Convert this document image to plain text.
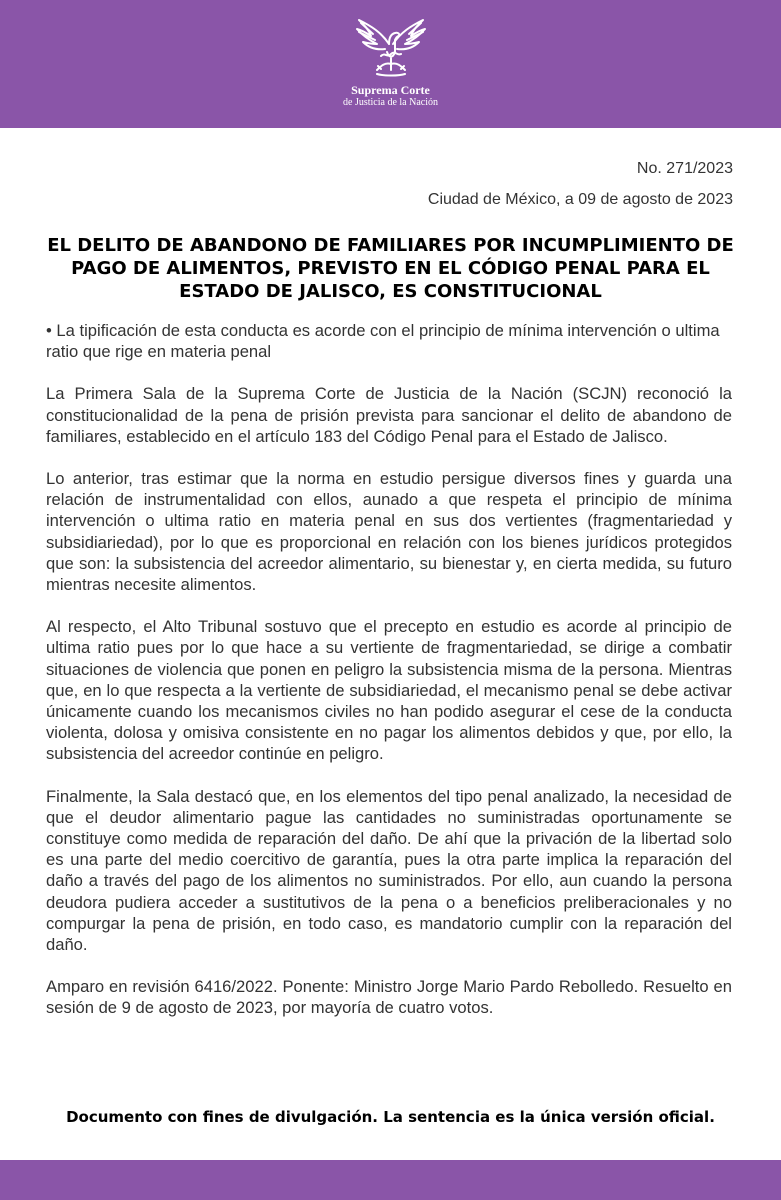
Suprema Corte
de Justicia de la Nación
No. 271/2023
Ciudad de México, a 09 de agosto de 2023
EL DELITO DE ABANDONO DE FAMILIARES POR INCUMPLIMIENTO DE PAGO DE ALIMENTOS, PREVISTO EN EL CÓDIGO PENAL PARA EL ESTADO DE JALISCO, ES CONSTITUCIONAL

• La tipificación de esta conducta es acorde con el principio de mínima intervención o ultima ratio que rige en materia penal

La Primera Sala de la Suprema Corte de Justicia de la Nación (SCJN) reconoció la constitucionalidad de la pena de prisión prevista para sancionar el delito de abandono de familiares, establecido en el artículo 183 del Código Penal para el Estado de Jalisco.

Lo anterior, tras estimar que la norma en estudio persigue diversos fines y guarda una relación de instrumentalidad con ellos, aunado a que respeta el principio de mínima intervención o ultima ratio en materia penal en sus dos vertientes (fragmentariedad y subsidiariedad), por lo que es proporcional en relación con los bienes jurídicos protegidos que son: la subsistencia del acreedor alimentario, su bienestar y, en cierta medida, su futuro mientras necesite alimentos.

Al respecto, el Alto Tribunal sostuvo que el precepto en estudio es acorde al principio de ultima ratio pues por lo que hace a su vertiente de fragmentariedad, se dirige a combatir situaciones de violencia que ponen en peligro la subsistencia misma de la persona. Mientras que, en lo que respecta a la vertiente de subsidiariedad, el mecanismo penal se debe activar únicamente cuando los mecanismos civiles no han podido asegurar el cese de la conducta violenta, dolosa y omisiva consistente en no pagar los alimentos debidos y que, por ello, la subsistencia del acreedor continúe en peligro.

Finalmente, la Sala destacó que, en los elementos del tipo penal analizado, la necesidad de que el deudor alimentario pague las cantidades no suministradas oportunamente se constituye como medida de reparación del daño. De ahí que la privación de la libertad solo es una parte del medio coercitivo de garantía, pues la otra parte implica la reparación del daño a través del pago de los alimentos no suministrados. Por ello, aun cuando la persona deudora pudiera acceder a sustitutivos de la pena o a beneficios preliberacionales y no compurgar la pena de prisión, en todo caso, es mandatorio cumplir con la reparación del daño.

Amparo en revisión 6416/2022. Ponente: Ministro Jorge Mario Pardo Rebolledo. Resuelto en sesión de 9 de agosto de 2023, por mayoría de cuatro votos.

Documento con fines de divulgación. La sentencia es la única versión oficial.
